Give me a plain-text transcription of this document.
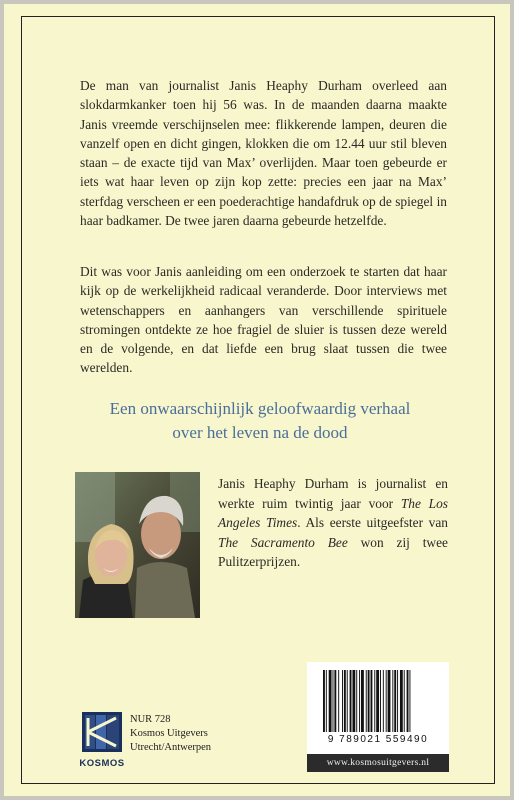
De man van journalist Janis Heaphy Durham overleed aan slokdarmkanker toen hij 56 was. In de maanden daarna maakte Janis vreemde verschijnselen mee: flikkerende lampen, deuren die vanzelf open en dicht gingen, klokken die om 12.44 uur stil bleven staan – de exacte tijd van Max’ overlijden. Maar toen gebeurde er iets wat haar leven op zijn kop zette: precies een jaar na Max’ sterfdag verscheen er een poederachtige handafdruk op de spiegel in haar badkamer. De twee jaren daarna gebeurde hetzelfde.

Dit was voor Janis aanleiding om een onderzoek te starten dat haar kijk op de werkelijkheid radicaal veranderde. Door interviews met wetenschappers en aanhangers van verschillende spirituele stromingen ontdekte ze hoe fragiel de sluier is tussen deze wereld en de volgende, en dat liefde een brug slaat tussen die twee werelden.

Een onwaarschijnlijk geloofwaardig verhaal

over het leven na de dood

Janis Heaphy Durham is journalist en werkte ruim twintig jaar voor The Los Angeles Times. Als eerste uitgeefster van The Sacramento Bee won zij twee Pulitzerprijzen.

KOSMOS
NUR 728
Kosmos Uitgevers
Utrecht/Antwerpen
9 789021 559490
www.kosmosuitgevers.nl
